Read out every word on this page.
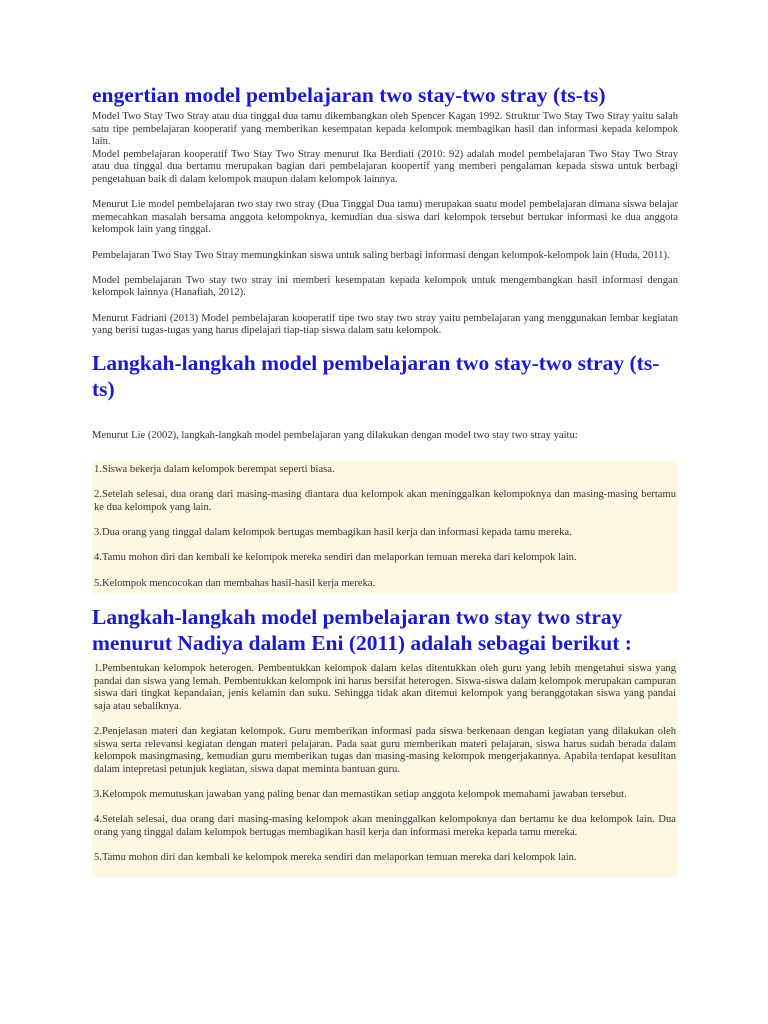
engertian model pembelajaran two stay-two stray (ts-ts)

Model Two Stay Two Stray atau dua tinggal dua tamu dikembangkan oleh Spencer Kagan 1992. Struktur Two Stay Two Stray yaitu salah satu tipe pembelajaran kooperatif yang memberikan kesempatan kepada kelompok membagikan hasil dan informasi kepada kelompok lain.

Model pembelajaran kooperatif Two Stay Two Stray menurut Ika Berdiati (2010: 92) adalah model pembelajaran Two Stay Two Stray atau dua tinggal dua bertamu merupakan bagian dari pembelajaran koopertif yang memberi pengalaman kepada siswa untuk berbagi pengetahuan baik di dalam kelompok maupun dalam kelompok lainnya.

Menurut Lie model pembelajaran two stay two stray (Dua Tinggal Dua tamu) merupakan suatu model pembelajaran dimana siswa belajar memecahkan masalah bersama anggota kelompoknya, kemudian dua siswa dari kelompok tersebut bertukar informasi ke dua anggota kelompok lain yang tinggal.

Pembelajaran Two Stay Two Stray memungkinkan siswa untuk saling berbagi informasi dengan kelompok-kelompok lain (Huda, 2011).

Model pembelajaran Two stay two stray ini memberi kesempatan kepada kelompok untuk mengembangkan hasil informasi dengan kelompok lainnya (Hanafiah, 2012).

Menurut Fadriani (2013) Model pembelajaran kooperatif tipe two stay two stray yaitu pembelajaran yang menggunakan lembar kegiatan yang berisi tugas-tugas yang harus dipelajari tiap-tiap siswa dalam satu kelompok.

Langkah-langkah model pembelajaran two stay-two stray (ts-ts)

Menurut Lie (2002), langkah-langkah model pembelajaran yang dilakukan dengan model two stay two stray yaitu:

1.Siswa bekerja dalam kelompok berempat seperti biasa.

2.Setelah selesai, dua orang dari masing-masing diantara dua kelompok akan meninggalkan kelompoknya dan masing-masing bertamu ke dua kelompok yang lain.

3.Dua orang yang tinggal dalam kelompok bertugas membagikan hasil kerja dan informasi kepada tamu mereka.

4.Tamu mohon diri dan kembali ke kelompok mereka sendiri dan melaporkan temuan mereka dari kelompok lain.

5.Kelompok mencocokan dan membahas hasil-hasil kerja mereka.

Langkah-langkah model pembelajaran two stay two stray menurut Nadiya dalam Eni (2011) adalah sebagai berikut :

1.Pembentukan kelompok heterogen. Pembentukkan kelompok dalam kelas ditentukkan oleh guru yang lebih mengetahui siswa yang pandai dan siswa yang lemah. Pembentukkan kelompok ini harus bersifat heterogen. Siswa-siswa dalam kelompok merupakan campuran siswa dari tingkat kepandaian, jenis kelamin dan suku. Sehingga tidak akan ditemui kelompok yang beranggotakan siswa yang pandai saja atau sebaliknya.

2.Penjelasan materi dan kegiatan kelompok. Guru memberikan informasi pada siswa berkenaan dengan kegiatan yang dilakukan oleh siswa serta relevansi kegiatan dengan materi pelajaran. Pada saat guru memberikan materi pelajaran, siswa harus sudah berada dalam kelompok masingmasing, kemudian guru memberikan tugas dan masing-masing kelompok mengerjakannya. Apabila terdapat kesulitan dalam intepretasi petunjuk kegiatan, siswa dapat meminta bantuan guru.

3.Kelompok memutuskan jawaban yang paling benar dan memastikan setiap anggota kelompok memahami jawaban tersebut.

4.Setelah selesai, dua orang dari masing-masing kelompok akan meninggalkan kelompoknya dan bertamu ke dua kelompok lain. Dua orang yang tinggal dalam kelompok bertugas membagikan hasil kerja dan informasi mereka kepada tamu mereka.

5.Tamu mohon diri dan kembali ke kelompok mereka sendiri dan melaporkan temuan mereka dari kelompok lain.
